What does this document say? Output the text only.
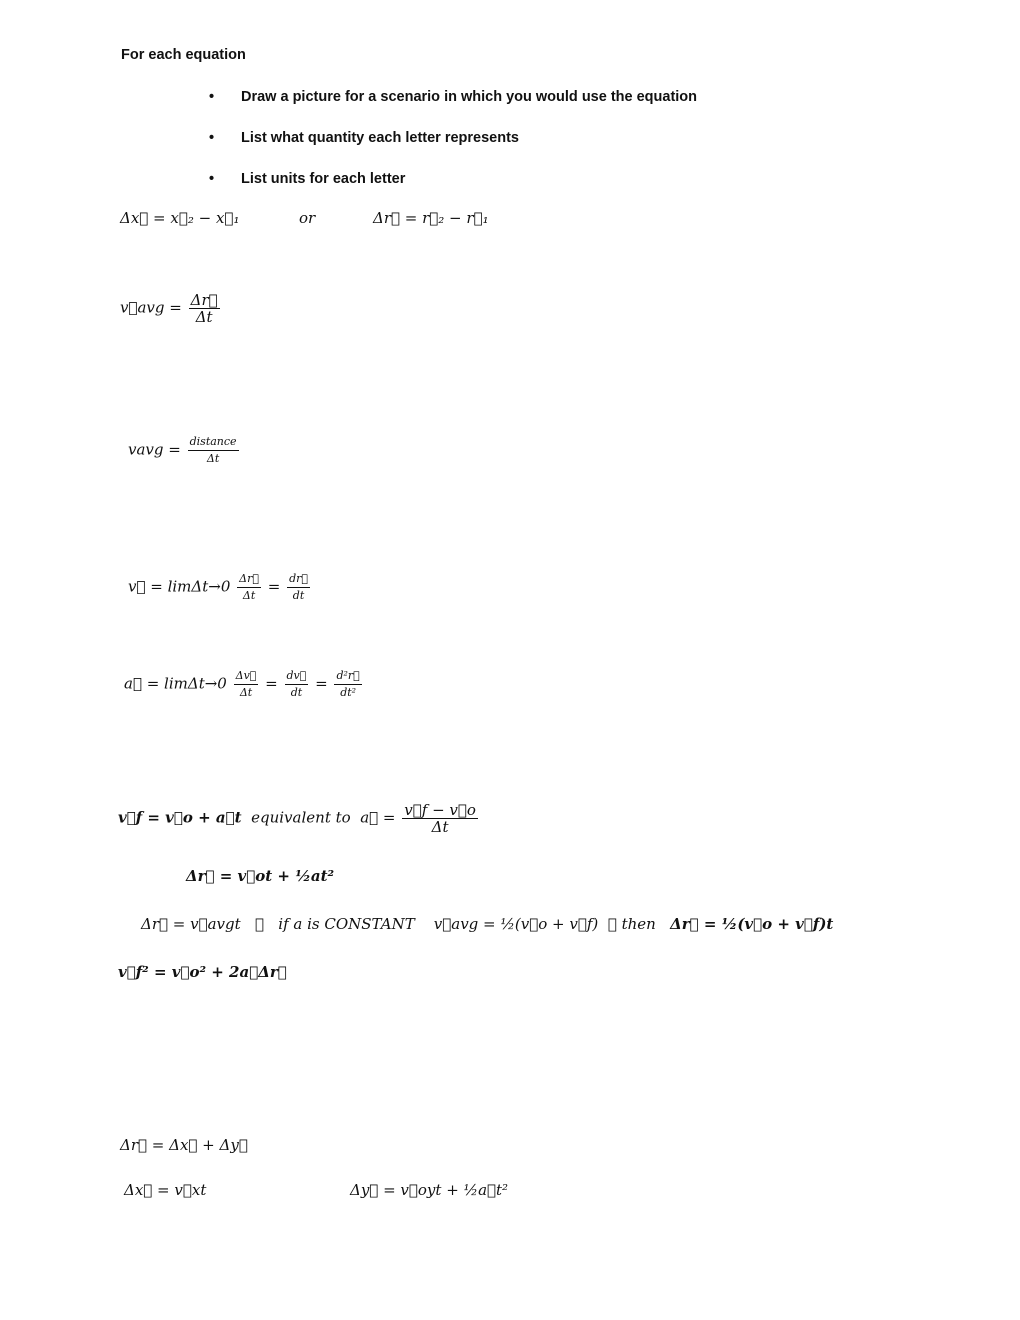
For each equation
• Draw a picture for a scenario in which you would use the equation
• List what quantity each letter represents
• List units for each letter
Δx⃗ = x⃗₂ − x⃗₁	or	Δr⃗ = r⃗₂ − r⃗₁
v⃗avg = $\frac{\Delta r⃗}{\Delta t}$
vavg = distance
Δt
v⃗ = $\lim\Delta t\to 0 \frac{\Delta r⃗}{\Delta t} = \frac{dr⃗}{dt}$
a⃗ = $\lim\Delta t\to 0 \frac{\Delta v⃗}{\Delta t} = \frac{dv⃗}{dt} = \frac{\text{d²r⃗}}{\text{dt²}}$
v⃗f = v⃗o + a⃗t equivalent to a⃗ = $\frac{v⃗f - v⃗o}{\Delta t}$
Δr⃗ = v⃗ot + ½at²
Δr⃗ = v⃗avgt ⁝ if a is CONSTANT v⃗avg = ½(v⃗o + v⃗f) ⁝ then Δr⃗ = ½(v⃗o + v⃗f)t
v⃗f² = v⃗o² + 2a⃗Δr⃗
Δr⃗ = Δx⃗ + Δy⃗
Δx⃗ = v⃗xt	Δy⃗ = v⃗oyt + ½a⃗t²
